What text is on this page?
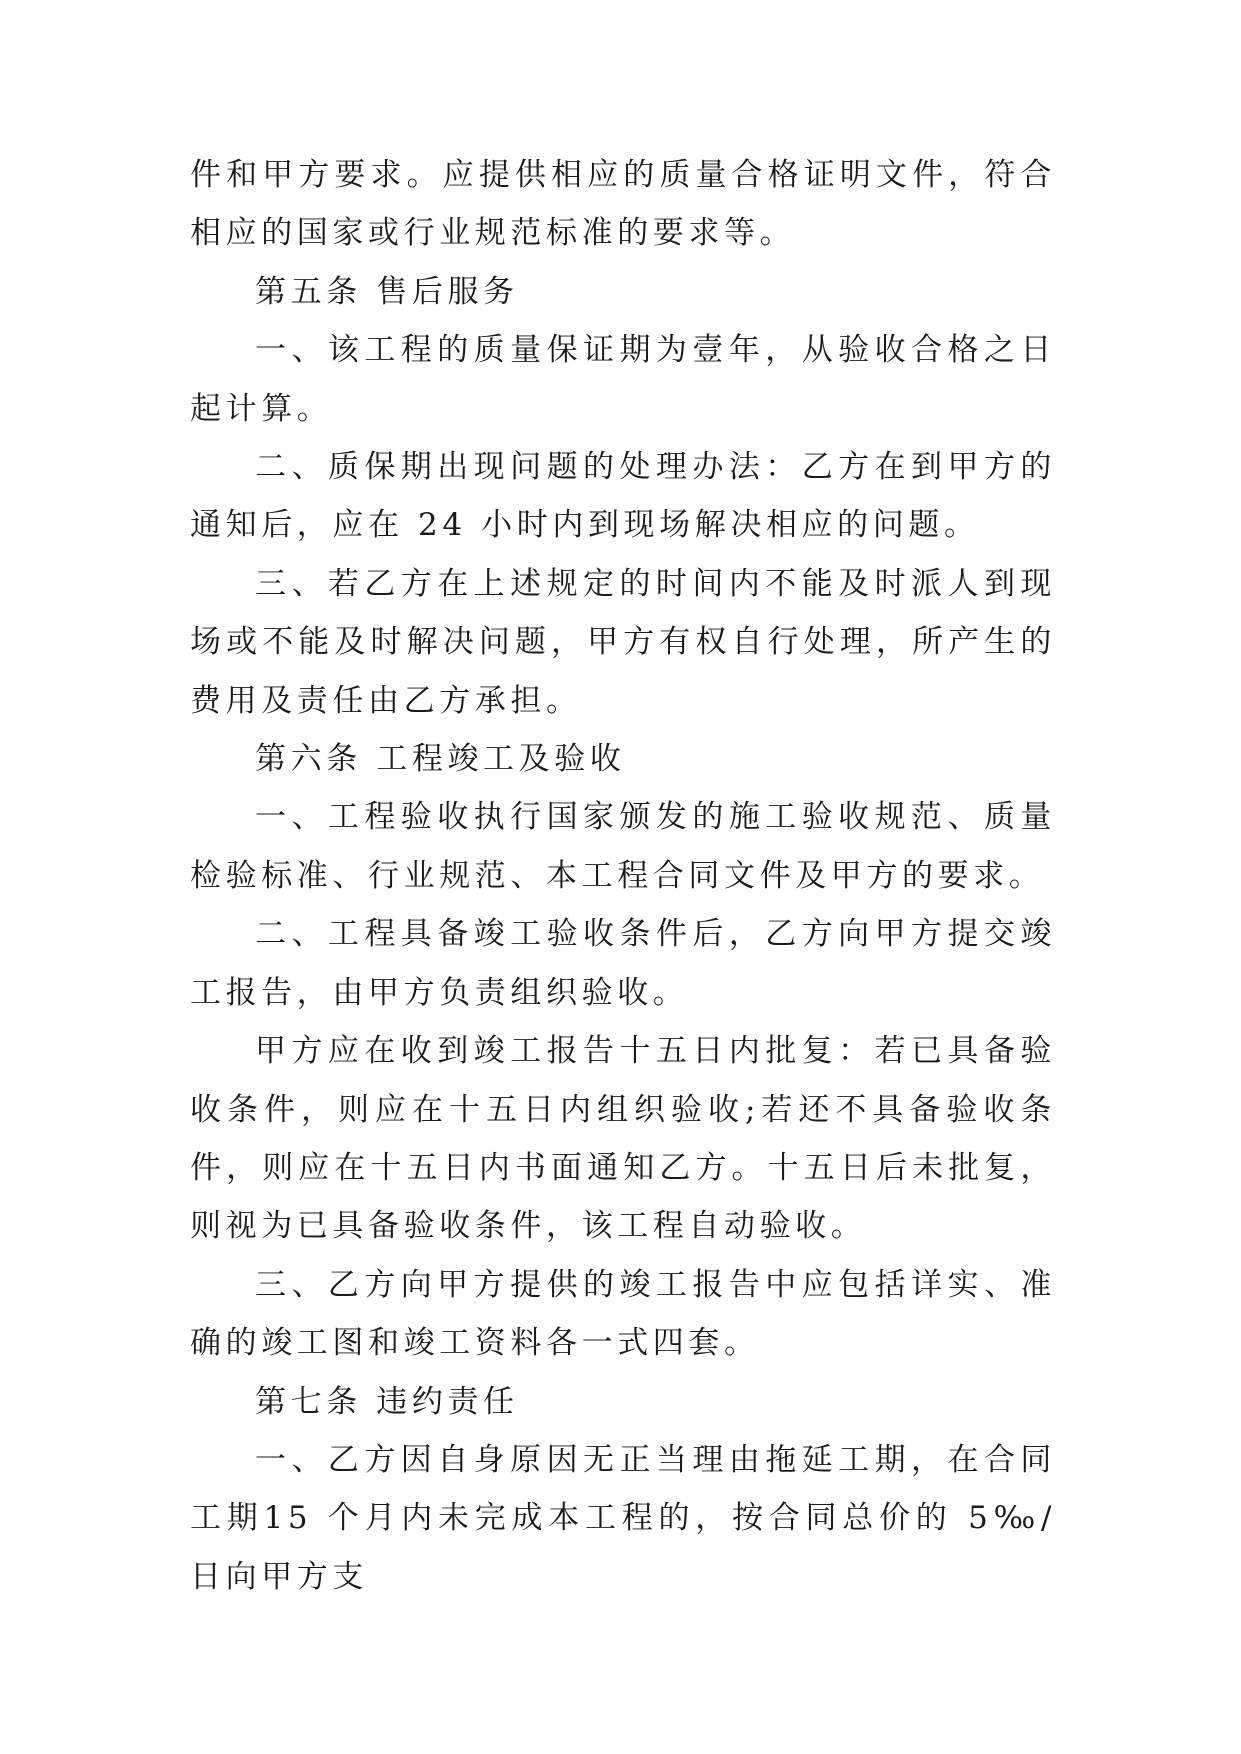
件和甲方要求。应提供相应的质量合格证明文件，符合相应的国家或行业规范标准的要求等。

第五条 售后服务

一、该工程的质量保证期为壹年，从验收合格之日起计算。

二、质保期出现问题的处理办法：乙方在到甲方的通知后，应在 24 小时内到现场解决相应的问题。

三、若乙方在上述规定的时间内不能及时派人到现场或不能及时解决问题，甲方有权自行处理，所产生的费用及责任由乙方承担。

第六条 工程竣工及验收

一、工程验收执行国家颁发的施工验收规范、质量检验标准、行业规范、本工程合同文件及甲方的要求。

二、工程具备竣工验收条件后，乙方向甲方提交竣工报告，由甲方负责组织验收。

甲方应在收到竣工报告十五日内批复：若已具备验收条件，则应在十五日内组织验收;若还不具备验收条件，则应在十五日内书面通知乙方。十五日后未批复，则视为已具备验收条件，该工程自动验收。

三、乙方向甲方提供的竣工报告中应包括详实、准确的竣工图和竣工资料各一式四套。

第七条 违约责任

一、乙方因自身原因无正当理由拖延工期，在合同工期15 个月内未完成本工程的，按合同总价的 5‰/日向甲方支
